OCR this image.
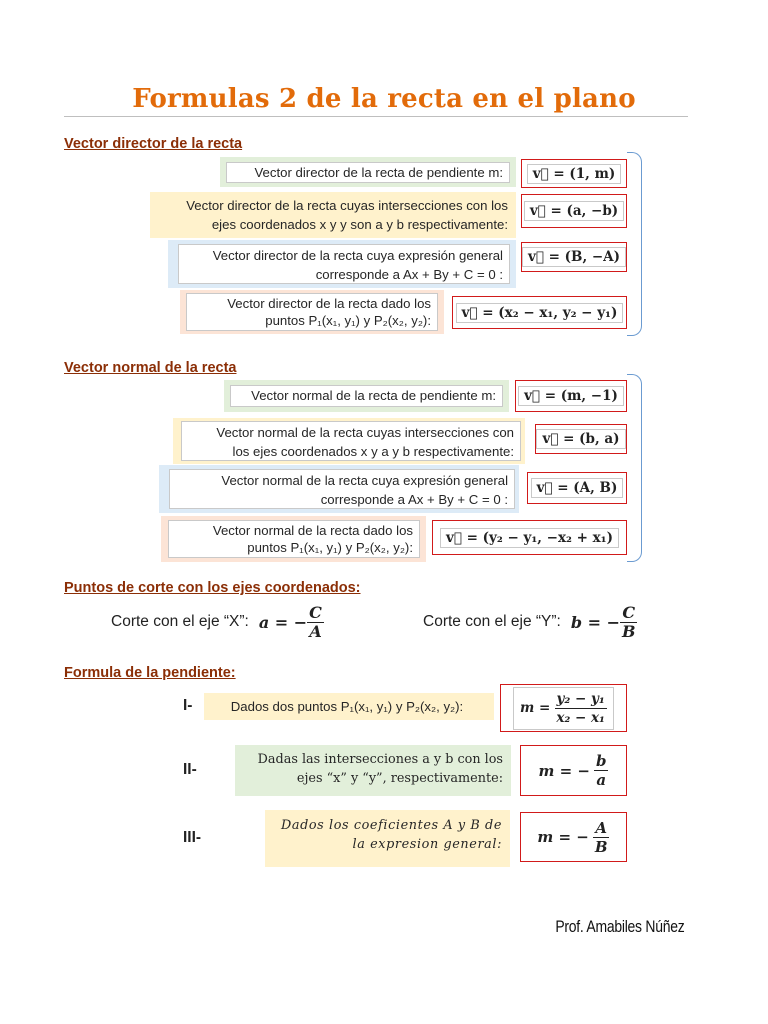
Formulas 2 de la recta en el plano
Vector director de la recta
Vector director de la recta de pendiente m:	v⃗ = (1, m)
Vector director de la recta cuyas intersecciones con los
ejes coordenados x y y son a y b respectivamente:
v⃗ = (a, −b)
Vector director de la recta cuya expresión general
corresponde a Ax + By + C = 0 :
v⃗ = (B, −A)
Vector director de la recta dado los
puntos P₁(x₁, y₁) y P₂(x₂, y₂):	v⃗ = (x₂ − x₁, y₂ − y₁)
Vector normal de la recta
Vector normal de la recta de pendiente m:	v⃗ = (m, −1)
Vector normal de la recta cuyas intersecciones con
los ejes coordenados x y a y b respectivamente:
v⃗ = (b, a)
Vector normal de la recta cuya expresión general
corresponde a Ax + By + C = 0 :
v⃗ = (A, B)
Vector normal de la recta dado los
puntos P₁(x₁, y₁) y P₂(x₂, y₂):
v⃗ = (y₂ − y₁, −x₂ + x₁)
Puntos de corte con los ejes coordenados:
Corte con el eje “X”: a = − $\frac{C}{A}$	Corte con el eje “Y”: b = − $\frac{C}{B}$
Formula de la pendiente:
I-	Dados dos puntos P₁(x₁, y₁) y P₂(x₂, y₂):	$m = \frac{\text{y₂ − y₁}}{\text{x₂ − x₁}}$
II-
Dadas las intersecciones a y b con los
ejes “x” y “y”, respectivamente: m = − $\frac{b}{a}$
III-
Dados los coeficientes A y B de
la expresion general: m = − $\frac{A}{B}$
Prof. Amabiles Núñez
